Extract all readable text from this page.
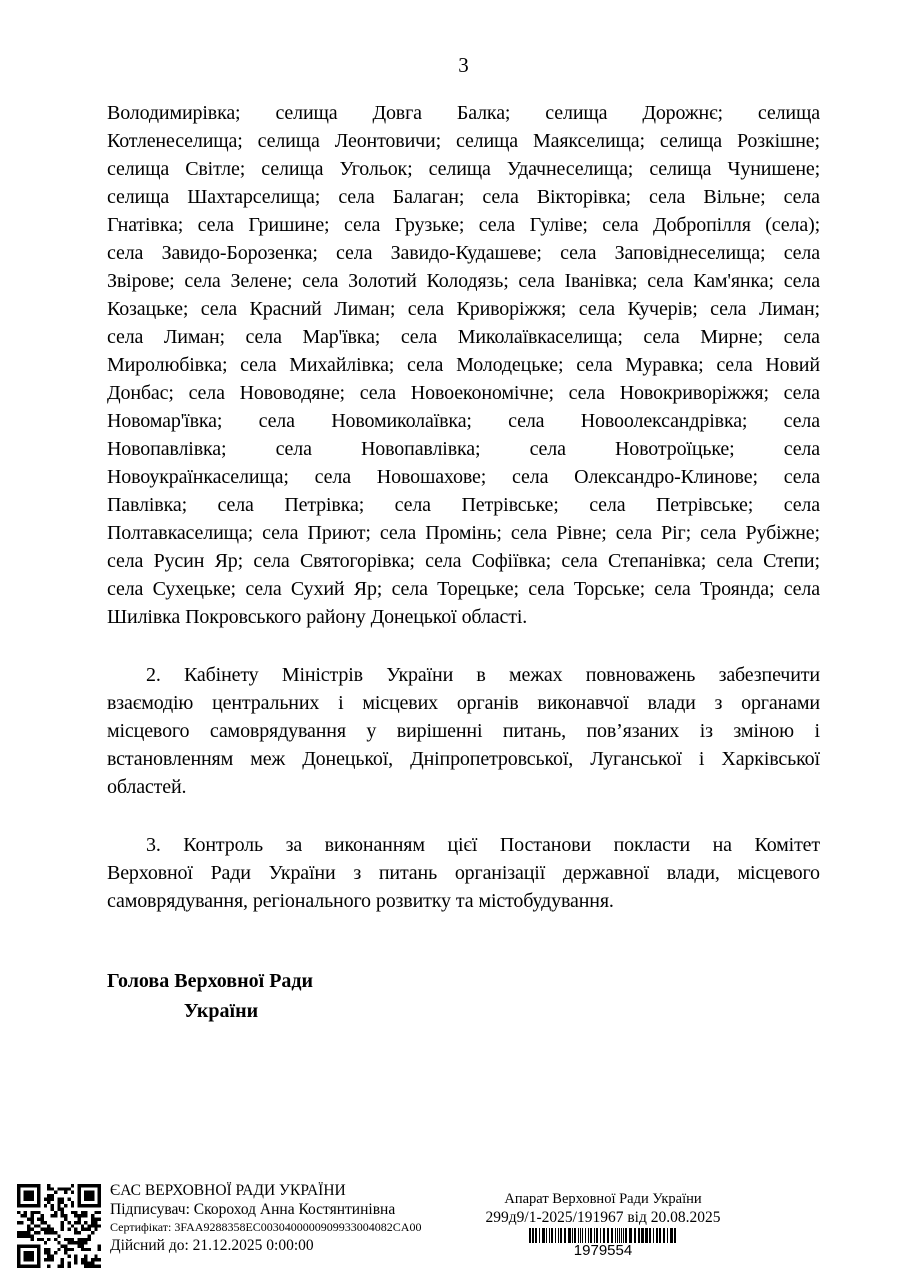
3
Володимирівка; селища Довга Балка; селища Дорожнє; селища
Котленеселища; селища Леонтовичи; селища Маякселища; селища Розкішне;
селища Світле; селища Угольок; селища Удачнеселища; селища Чунишене;
селища Шахтарселища; села Балаган; села Вікторівка; села Вільне; села
Гнатівка; села Гришине; села Грузьке; села Гуліве; села Добропілля (села);
села Завидо-Борозенка; села Завидо-Кудашеве; села Заповіднеселища; села
Звірове; села Зелене; села Золотий Колодязь; села Іванівка; села Кам'янка; села
Козацьке; села Красний Лиман; села Криворіжжя; села Кучерів; села Лиман;
села Лиман; села Мар'ївка; села Миколаївкаселища; села Мирне; села
Миролюбівка; села Михайлівка; села Молодецьке; села Муравка; села Новий
Донбас; села Нововодяне; села Новоекономічне; села Новокриворіжжя; села
Новомар'ївка; села Новомиколаївка; села Новоолександрівка; села
Новопавлівка; села Новопавлівка; села Новотроїцьке; села
Новоукраїнкаселища; села Новошахове; села Олександро-Клинове; села
Павлівка; села Петрівка; села Петрівське; села Петрівське; села
Полтавкаселища; села Приют; села Промінь; села Рівне; села Ріг; села Рубіжне;
села Русин Яр; села Святогорівка; села Софіївка; села Степанівка; села Степи;
села Сухецьке; села Сухий Яр; села Торецьке; села Торське; села Троянда; села
Шилівка Покровського району Донецької області.
2. Кабінету Міністрів України в межах повноважень забезпечити
взаємодію центральних і місцевих органів виконавчої влади з органами
місцевого самоврядування у вирішенні питань, пов’язаних із зміною і
встановленням меж Донецької, Дніпропетровської, Луганської і Харківської
областей.
3. Контроль за виконанням цієї Постанови покласти на Комітет
Верховної Ради України з питань організації державної влади, місцевого
самоврядування, регіонального розвитку та містобудування.
Голова Верховної Ради
України
ЄАС ВЕРХОВНОЇ РАДИ УКРАЇНИ
Підписувач: Скороход Анна Костянтинівна
Сертифікат: 3FAA9288358EC0030400000909933004082CA00
Дійсний до: 21.12.2025 0:00:00
Апарат Верховної Ради України
299д9/1-2025/191967 від 20.08.2025
1979554
